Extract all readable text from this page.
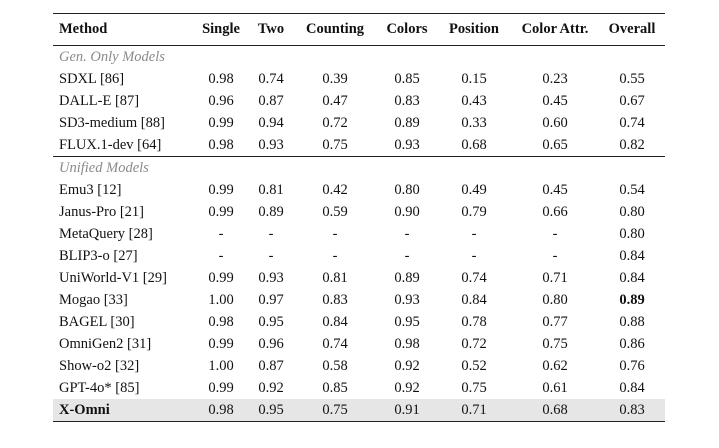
Method	Single	Two	Counting	Colors	Position	Color Attr.	Overall
Gen. Only Models							
SDXL [86]	0.98	0.74	0.39	0.85	0.15	0.23	0.55
DALL-E [87]	0.96	0.87	0.47	0.83	0.43	0.45	0.67
SD3-medium [88]	0.99	0.94	0.72	0.89	0.33	0.60	0.74
FLUX.1-dev [64]	0.98	0.93	0.75	0.93	0.68	0.65	0.82
Unified Models							
Emu3 [12]	0.99	0.81	0.42	0.80	0.49	0.45	0.54
Janus-Pro [21]	0.99	0.89	0.59	0.90	0.79	0.66	0.80
MetaQuery [28]	-	-	-	-	-	-	0.80
BLIP3-o [27]	-	-	-	-	-	-	0.84
UniWorld-V1 [29]	0.99	0.93	0.81	0.89	0.74	0.71	0.84
Mogao [33]	1.00	0.97	0.83	0.93	0.84	0.80	0.89
BAGEL [30]	0.98	0.95	0.84	0.95	0.78	0.77	0.88
OmniGen2 [31]	0.99	0.96	0.74	0.98	0.72	0.75	0.86
Show-o2 [32]	1.00	0.87	0.58	0.92	0.52	0.62	0.76
GPT-4o* [85]	0.99	0.92	0.85	0.92	0.75	0.61	0.84
X-Omni	0.98	0.95	0.75	0.91	0.71	0.68	0.83
